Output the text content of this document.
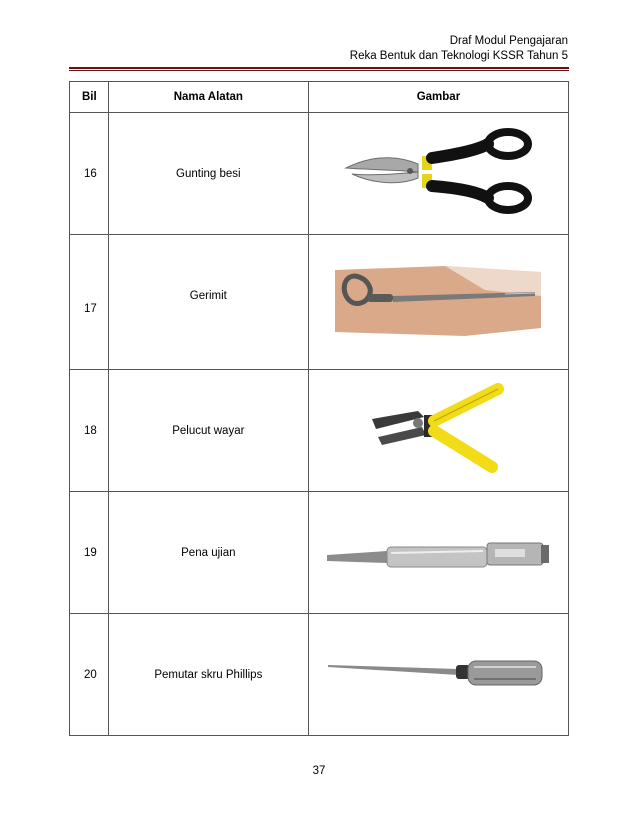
Draf Modul Pengajaran
Reka Bentuk dan Teknologi KSSR Tahun 5
Bil	Nama Alatan	Gambar
16	Gunting besi	

17	Gerimit	

18	Pelucut wayar	

19	Pena ujian	

20	Pemutar skru Phillips	
37
